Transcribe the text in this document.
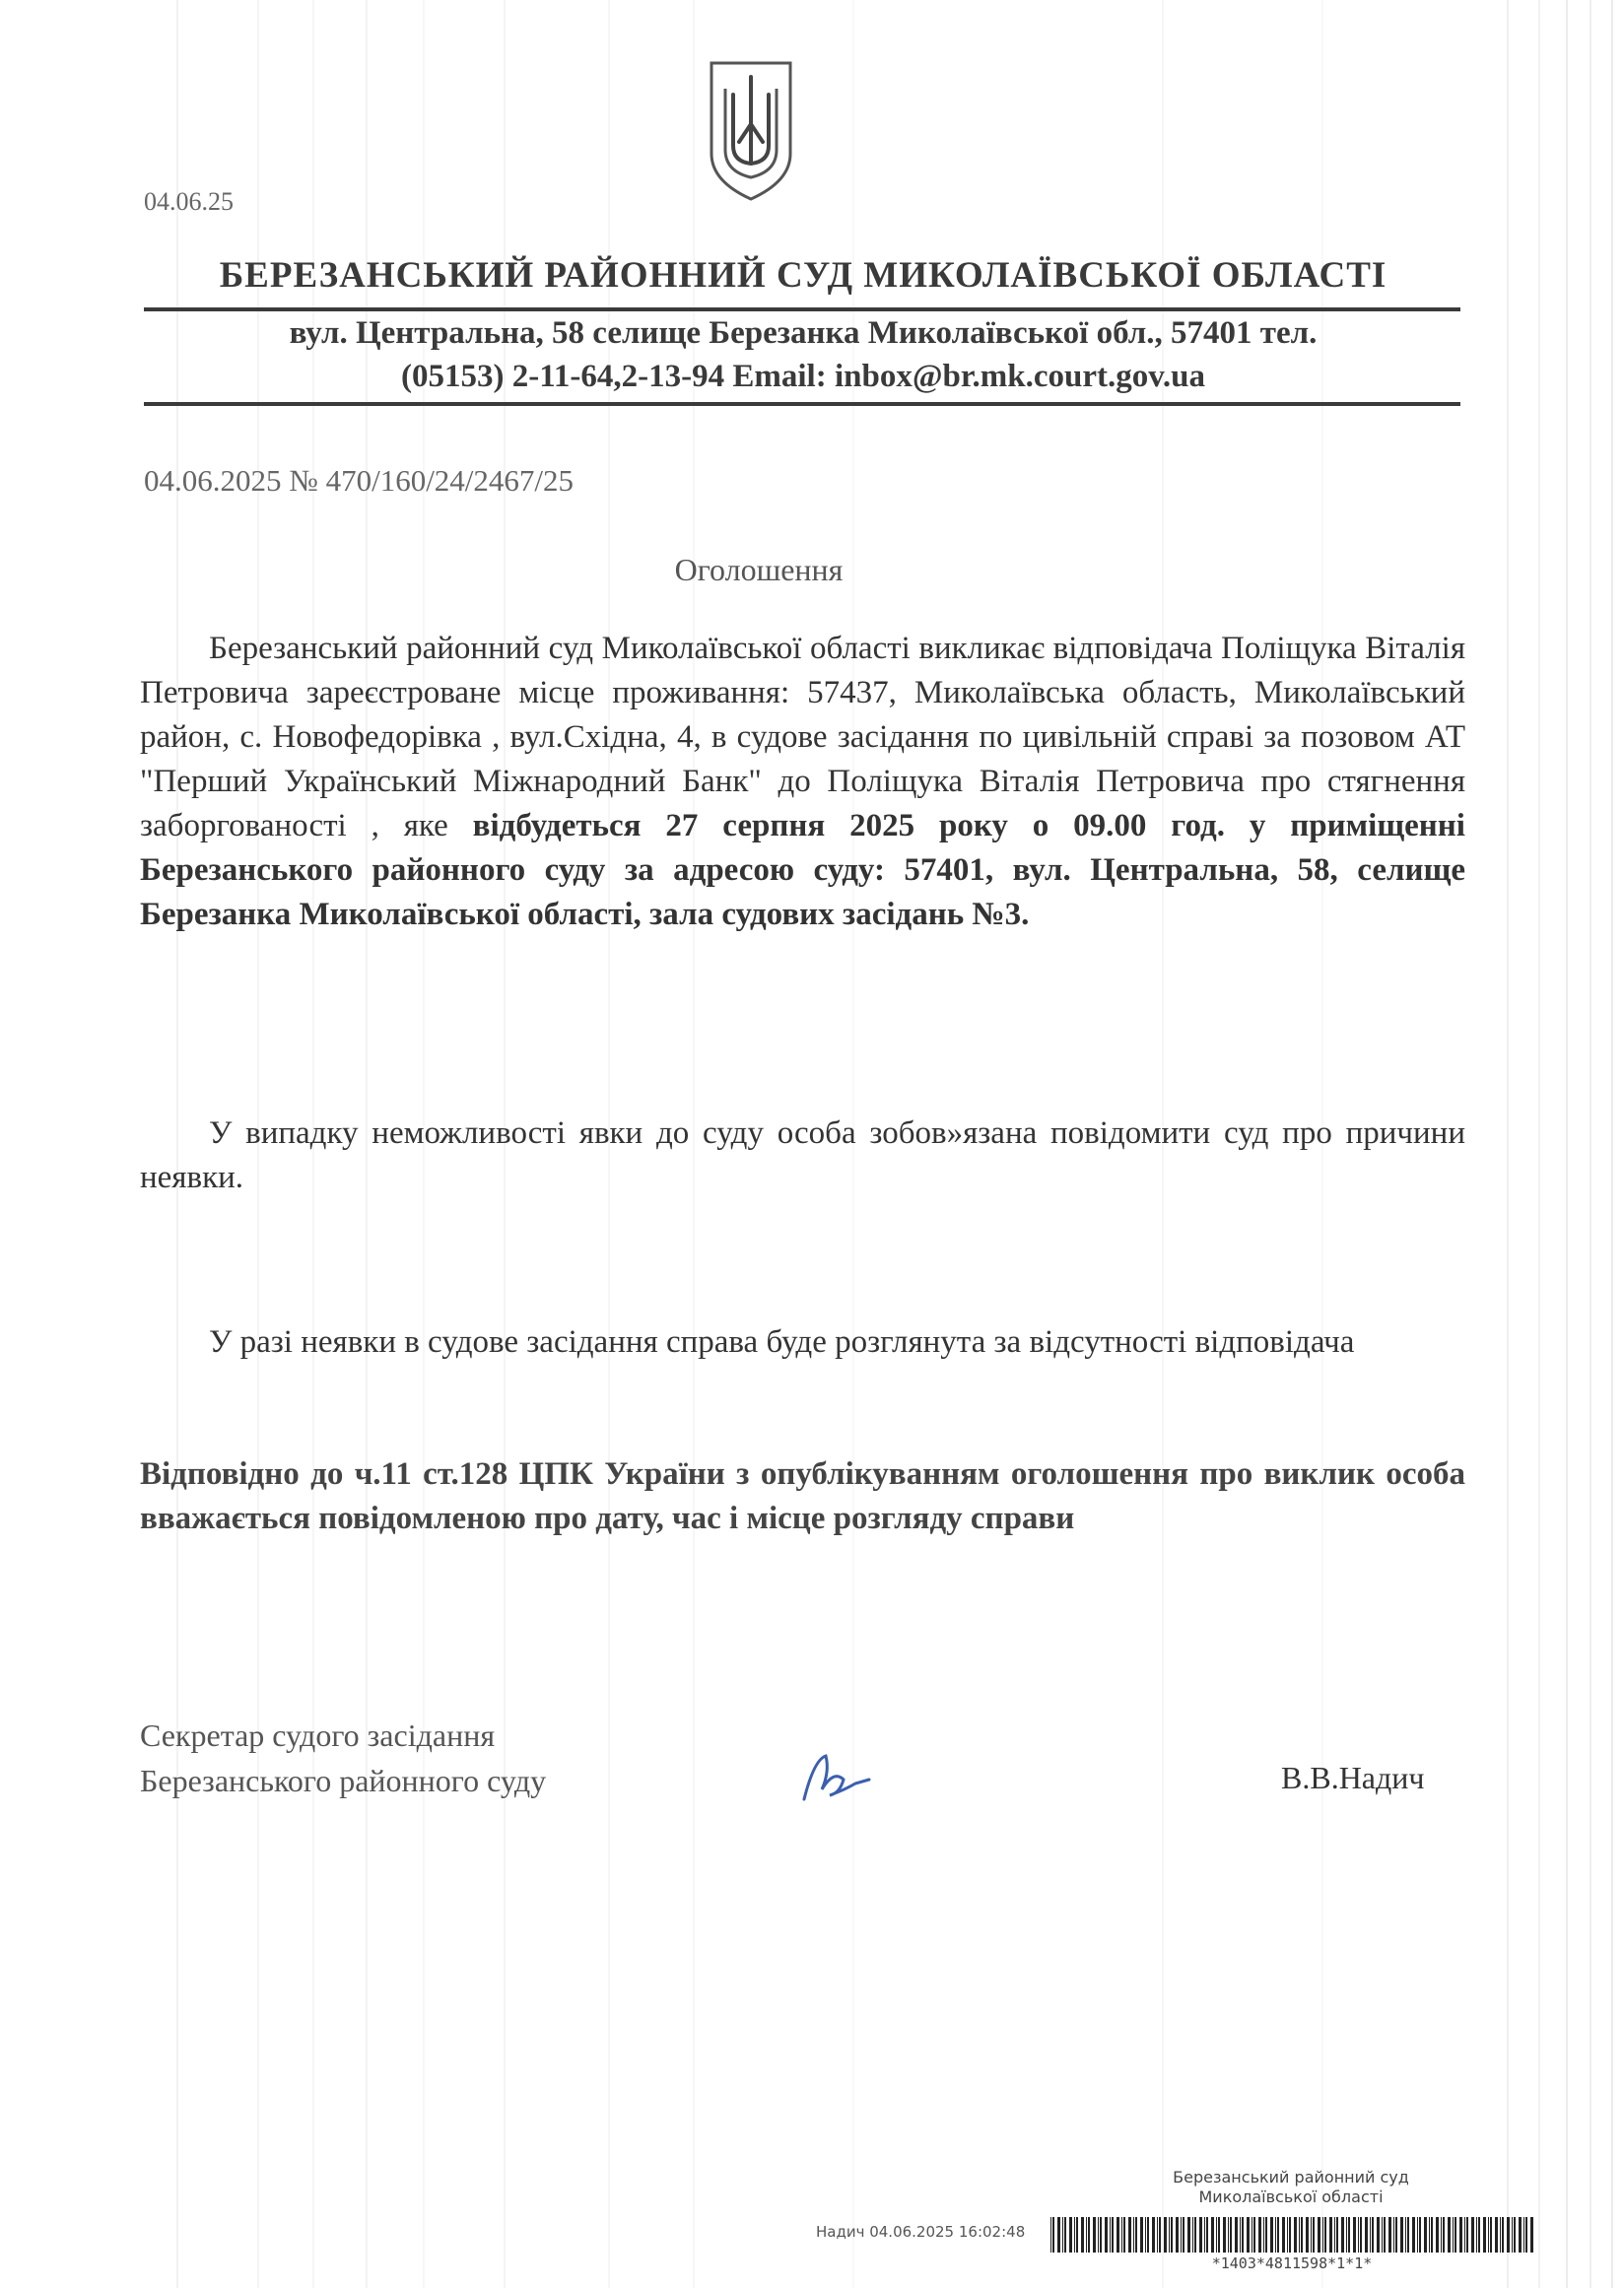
04.06.25
БЕРЕЗАНСЬКИЙ РАЙОННИЙ СУД МИКОЛАЇВСЬКОЇ ОБЛАСТІ
вул. Центральна, 58 селище Березанка Миколаївської обл., 57401 тел.
(05153) 2-11-64,2-13-94 Email: inbox@br.mk.court.gov.ua
04.06.2025 № 470/160/24/2467/25
Оголошення
Березанський районний суд Миколаївської області викликає відповідача Поліщука Віталія Петровича зареєстроване місце проживання: 57437, Миколаївська область, Миколаївський район, с. Новофедорівка , вул.Східна, 4, в судове засідання по цивільній справі за позовом АТ "Перший Український Міжнародний Банк" до Поліщука Віталія Петровича про стягнення заборгованості , яке відбудеться 27 серпня 2025 року о 09.00 год. у приміщенні Березанського районного суду за адресою суду: 57401, вул. Центральна, 58, селище Березанка Миколаївської області, зала судових засідань №3.
У випадку неможливості явки до суду особа зобов»язана повідомити суд про причини неявки.
У разі неявки в судове засідання справа буде розглянута за відсутності відповідача
Відповідно до ч.11 ст.128 ЦПК України з опублікуванням оголошення про виклик особа вважається повідомленою про дату, час і місце розгляду справи
Секретар судого засідання
Березанського районного суду	В.В.Надич
Березанський районний суд
Миколаївської області
Надич 04.06.2025 16:02:48
*1403*4811598*1*1*
